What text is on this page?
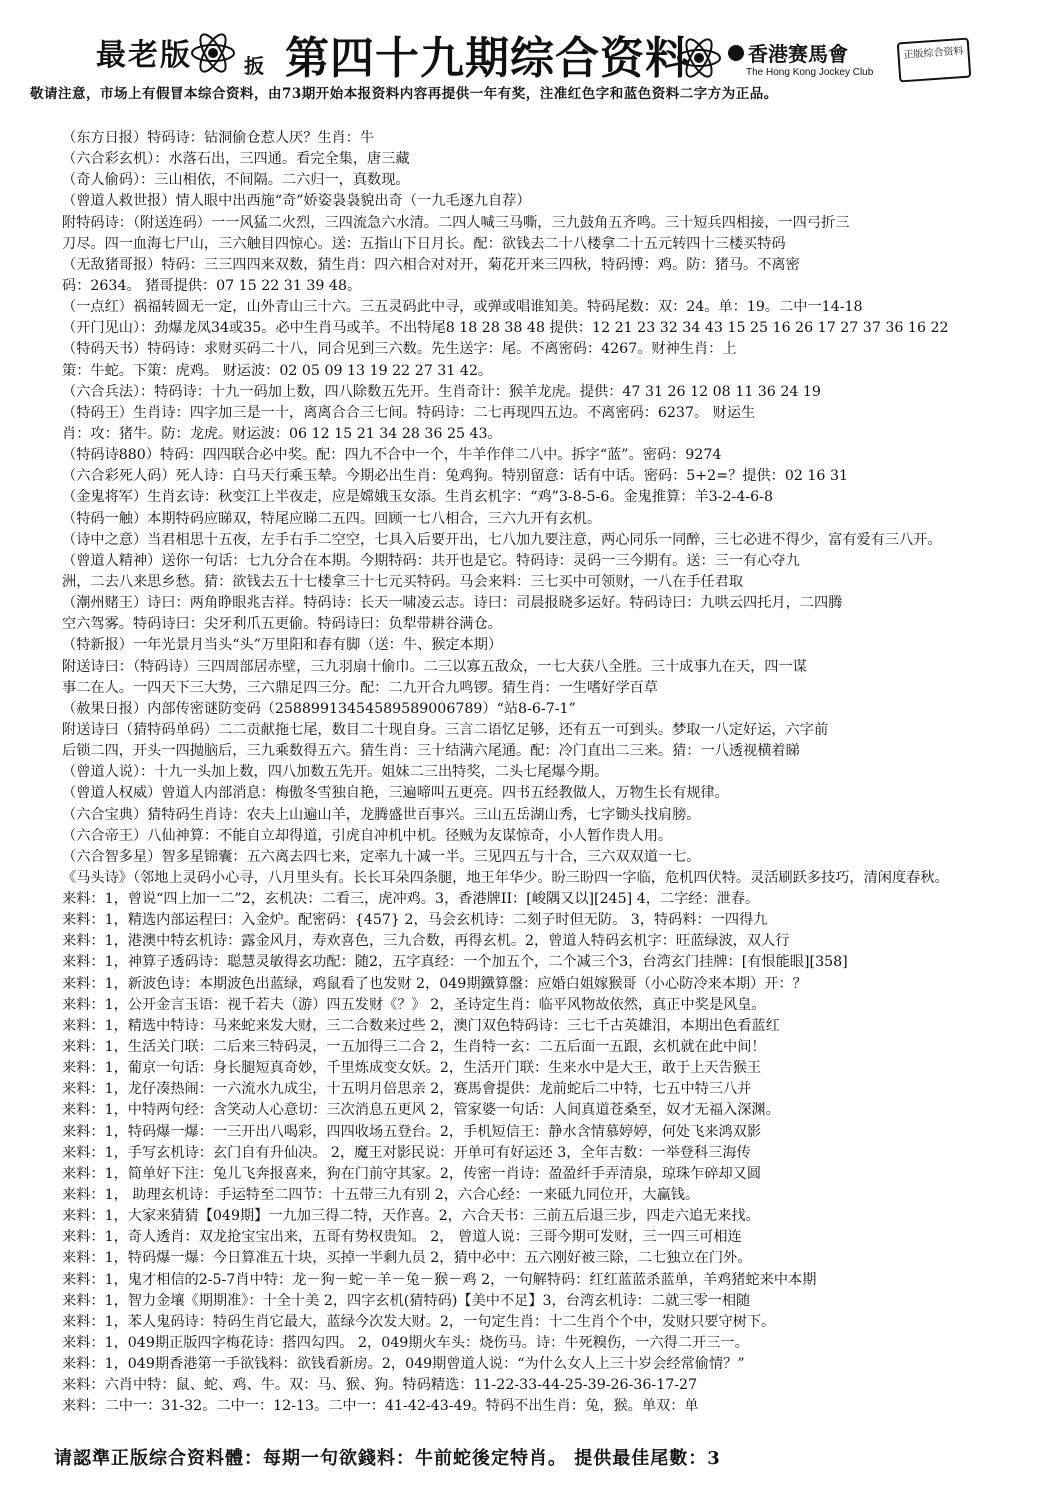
最老版	扳 第四十九期综合资料	香港赛馬會
The Hong Kong Jockey Club
正版综合资料
敬请注意，市场上有假冒本综合资料，由73期开始本报资料内容再提供一年有奖，注准红色字和蓝色资料二字方为正品。
（东方日报）特码诗：钻洞偷仓惹人厌？生肖：牛
（六合彩玄机）：水落石出，三四通。看完全集，唐三藏
（奇人偷码）：三山相依，不间隔。二六归一，真数现。
（曾道人救世报）情人眼中出西施“奇”娇姿袅袅貌出奇（一九毛逐九自荐）
附特码诗：（附送连码）一一风猛二火烈，三四流急六水清。二四人喊三马嘶，三九鼓角五齐鸣。三十短兵四相接，一四弓折三
刀尽。四一血海七尸山，三六触目四惊心。送：五指山下日月长。配：欲钱去二十八楼拿二十五元转四十三楼买特码
（无敌猪哥报）特码：三三四四来双数，猜生肖：四六相合对对开，菊花开来三四秋，特码博：鸡。防：猪马。不离密
码：2634。 猪哥提供：07 15 22 31 39 48。
（一点红）祸福转圆无一定，山外青山三十六。三五灵码此中寻，或弹或唱谁知美。特码尾数：双：24。单：19。二中一14-18
（开门见山）：劲爆龙凤34或35。必中生肖马或羊。不出特尾8 18 28 38 48 提供：12 21 23 32 34 43 15 25 16 26 17 27 37 36 16 22
（特码天书）特码诗：求财买码二十八，同合见到三六数。先生送字：尾。不离密码：4267。财神生肖：上
策：牛蛇。下策：虎鸡。 财运波：02 05 09 13 19 22 27 31 42。
（六合兵法）：特码诗：十九一码加上数，四八除数五先开。生肖奇计：猴羊龙虎。提供：47 31 26 12 08 11 36 24 19
（特码王）生肖诗：四字加三是一十，离离合合三七间。特码诗：二七再现四五边。不离密码：6237。 财运生
肖：攻：猪牛。防：龙虎。财运波：06 12 15 21 34 28 36 25 43。
（特码诗880）特码：四四联合必中奖。配：四九不合中一个，牛羊作伴二八中。拆字“蓝”。密码：9274
（六合彩死人码）死人诗：白马天行乘玉辇。今期必出生肖：兔鸡狗。特别留意：话有中话。密码：5+2=？提供：02 16 31
（金鬼将军）生肖玄诗：秋变江上半夜走，应是嫦娥玉女添。生肖玄机字：“鸡”3-8-5-6。金鬼推算：羊3-2-4-6-8
（特码一触）本期特码应睇双，特尾应睇二五四。回顾一七八相合，三六九开有玄机。
（诗中之意）当君相思十五夜，左手右手二空空，七具入后要开出，七八加九要注意，两心同乐一同醉，三七必进不得少，富有爱有三八开。
（曾道人精神）送你一句话：七九分合在本期。今期特码：共开也是它。特码诗：灵码一三今期有。送：三一有心夺九
洲，二去八来思乡愁。猜：欲钱去五十七楼拿三十七元买特码。马会来料：三七买中可领财，一八在手任君取
（潮州赌王）诗曰：两角睁眼兆吉祥。特码诗：长天一啸凌云志。诗曰：司晨报晓多运好。特码诗曰：九哄云四托月，二四腾
空六驾雾。特码诗曰：尖牙利爪五更偷。特码诗曰：负犁带耕谷满仓。
（特新报）一年光景月当头“头”万里阳和春有脚（送：牛、猴定本期）
附送诗曰：（特码诗）三四周部居赤壁，三九羽扇十偷巾。二三以寡五敌众，一七大获八全胜。三十成事九在天，四一谋
事二在人。一四天下三大势，三六鼎足四三分。配：二九开合九鸣锣。猜生肖：一生嗜好学百草
（赦果日报）内部传密谜防变码（25889913454589589006789）“站8-6-7-1”
附送诗曰（猜特码单码）二二贡献拖七尾，数目二十现自身。三言二语忆足够，还有五一可到头。梦取一八定好运，六字前
后锁二四，开头一四抛脑后，三九乘数得五六。猜生肖：三十结满六尾通。配：冷门直出二三来。猜：一八透视横着睇
（曾道人说）：十九一头加上数，四八加数五先开。姐妹二三出特奖，二头七尾爆今期。
（曾道人权威）曾道人内部消息：梅傲冬雪独自艳，三遍啼叫五更亮。四书五经教做人，万物生长有规律。
（六合宝典）猜特码生肖诗：农夫上山遍山羊，龙腾盛世百事兴。三山五岳湖山秀，七字锄头找肩膀。
（六合帝王）八仙神算：不能自立却得道，引虎自冲机中机。径贼为友谋惊奇，小人暂作贵人用。
（六合智多星）智多星锦囊：五六离去四七来，定率九十减一半。三见四五与十合，三六双双道一七。
《马头诗》（邻地上灵码小心寻，八月里头有。长长耳朵四条腿，地王年华少。盼三盼四一字临，危机四伏特。灵活刷跃多技巧，清闲度春秋。
来料：1，曾说“四上加一二”2，玄机决：二看三，虎冲鸡。3，香港牌II：[峻隅又以][245] 4，二字经：泄春。
来料：1，精选内部运程曰：入金炉。配密码：{457} 2，马会玄机诗：二刻子时但无防。 3，特码料：一四得九
来料：1，港澳中特玄机诗：露金风月，寿欢喜色，三九合数，再得玄机。2，曾道人特码玄机字：旺蓝绿波，双人行
来料：1，神算子透码诗：聪慧灵敏得玄功配：随2，五字真经：一个加五个，二个减三个3，台湾玄门挂牌：[有恨能眼][358]
来料：1，新波色诗：本期波色出蓝绿，鸡鼠看了也发财 2，049期鐵算盤：应婚白姐嫁猴哥（小心防冷来本期）开：？
来料：1，公开金言玉语：视千若夫（游）四五发财《？》 2，圣诗定生肖：临平风物故依然，真正中奖是风皇。
来料：1，精选中特诗：马来蛇来发大财，三二合数来过些 2，澳门双色特码诗：三七千古英雄泪，本期出色看蓝红
来料：1，生活关门联：二后来三特码灵，一五加得三二合 2，生肖特一玄：二五后面一五跟，玄机就在此中间！
来料：1，葡京一句话：身长腿短真奇妙，千里炼成变女妖。2，生活开门联：生来水中是大王，敢于上天告猴王
来料：1，龙仔凑热闹：一六流水九成尘，十五明月倍思亲 2，赛馬會提供：龙前蛇后二中特，七五中特三八并
来料：1，中特两句经：含笑动人心意切：三次消息五更风 2，管家婆一句话：人间真道苍桑至，奴才无福入深渊。
来料：1，特码爆一爆：一三开出八喝彩，四四收场五登台。2，手机短信王：静水含情慕婷婷，何处飞来鸿双影
来料：1，手写玄机诗：玄门自有升仙决。 2，魔王对影民说：开单可有好运还 3，全年吉数：一举登科三海传
来料：1，简单好下注：兔儿飞奔报喜来，狗在门前守其家。2，传密一肖诗：盈盈纤手弄清泉，琼珠乍碎却又圆
来料：1， 助理玄机诗：手运特至二四节：十五带三九有别 2，六合心经：一来砥九同位开，大赢钱。
来料：1，大家来猜猜【049期】一九加三得二特，天作喜。2，六合天书：三前五后退三步，四走六追无来找。
来料：1，奇人透肖：双龙抢宝宝出来，五哥有势权贵知。 2， 曾道人说：三哥今期可发财，三一四三可相连
来料：1，特码爆一爆：今日算准五十块，买掉一半剩九员 2，猜中必中：五六刚好被三除，二七独立在门外。
来料：1，鬼才相信的2-5-7肖中特：龙－狗－蛇－羊－兔－猴－鸡 2，一句解特码：红红蓝蓝杀蓝单，羊鸡猪蛇来中本期
来料：1，智力金壤《期期准》：十全十美 2，四字玄机(猜特码)【美中不足】3，台湾玄机诗：二就三零一相随
来料：1，苯人鬼码诗：特码生肖它最大，蓝绿今次发大财。2，一句定生肖：十二生肖个个中，发财只要守树下。
来料：1，049期正版四字梅花诗：搭四勾四。 2，049期火车头：烧伤马。诗：牛死糗伤，一六得二开三一。
来料：1，049期香港第一手欲钱料：欲钱看新房。2，049期曾道人说：“为什么女人上三十岁会经常偷情？”
来料：六肖中特：鼠、蛇、鸡、牛。双：马、猴、狗。特码精选：11-22-33-44-25-39-26-36-17-27
来料：二中一：31-32。二中一：12-13。二中一：41-42-43-49。特码不出生肖：兔，猴。单双：单
请認準正版综合资料體：每期一句欲錢料：牛前蛇後定特肖。 提供最佳尾數：3
